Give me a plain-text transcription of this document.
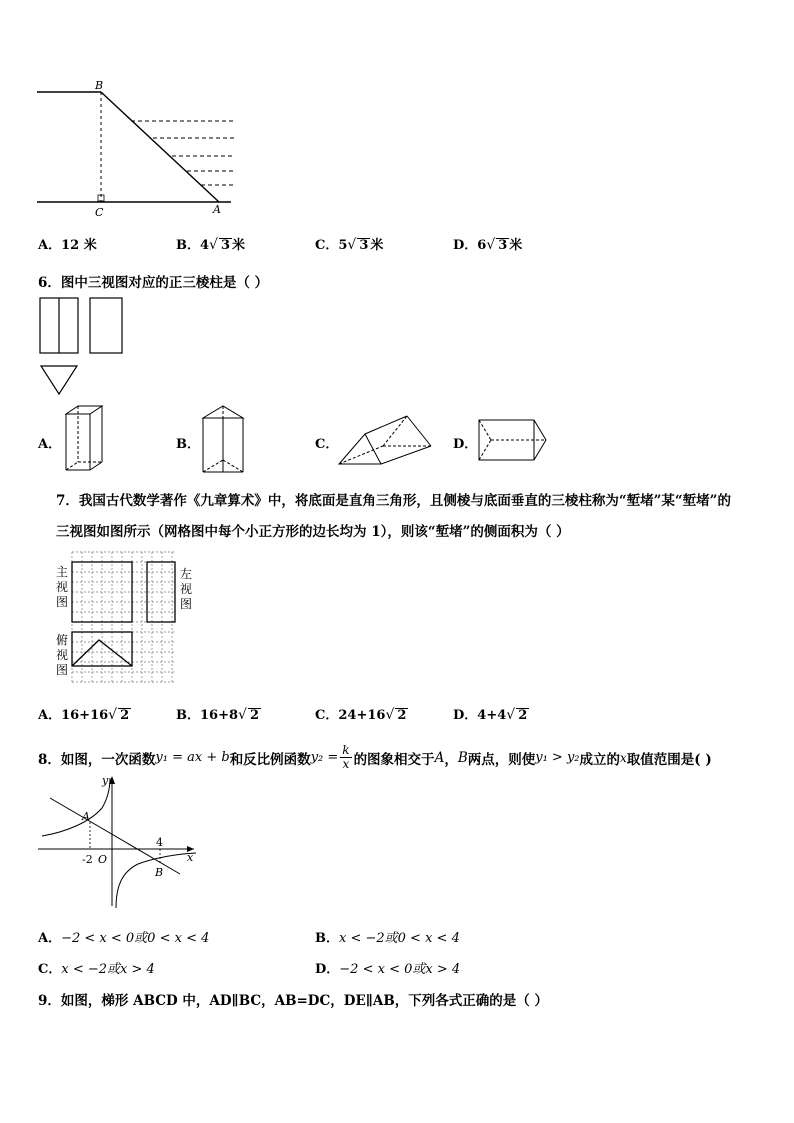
B
C	A
A．12 米	B．4√ 3 米	C．5√ 3 米	D．6√ 3 米
6．图中三视图对应的正三棱柱是（ ）
A．	B．	C．	D．
7．我国古代数学著作《九章算术》中，将底面是直角三角形，且侧棱与底面垂直的三棱柱称为“堑堵”某“堑堵”的
三视图如图所示（网格图中每个小正方形的边长均为 1），则该“堑堵”的侧面积为（ ）
主
视
图
左
视
图
俯
视
图
A．16+16√ 2	B．16+8√ 2	C．24+16√ 2	D．4+4√ 2
8．如图，一次函数 y₁ = ax + b 和反比例函数 $y_2 = \frac{k}{x}$ 的图象相交于 A ， B 两点，则使 y₁ > y₂ 成立的 x 取值范围是( )
y
x
A
B
O
-2
4
A．−2 < x < 0或0 < x < 4	B．x < −2或0 < x < 4
C．x < −2或x > 4	D．−2 < x < 0或x > 4
9．如图，梯形 ABCD 中，AD∥BC，AB=DC，DE∥AB，下列各式正确的是（ ）
